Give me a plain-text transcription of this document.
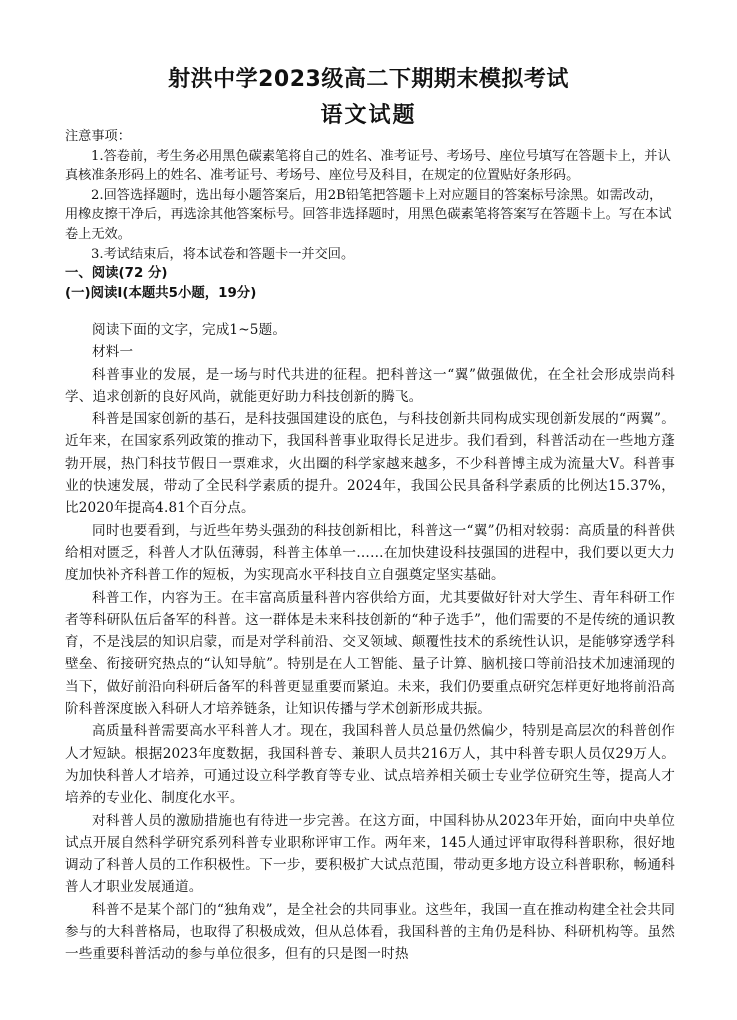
射洪中学2023级高二下期期末模拟考试
语文试题

注意事项：

1.答卷前，考生务必用黑色碳素笔将自己的姓名、准考证号、考场号、座位号填写在答题卡上，并认真核准条形码上的姓名、准考证号、考场号、座位号及科目，在规定的位置贴好条形码。

2.回答选择题时，选出每小题答案后，用2B铅笔把答题卡上对应题目的答案标号涂黑。如需改动，用橡皮擦干净后，再选涂其他答案标号。回答非选择题时，用黑色碳素笔将答案写在答题卡上。写在本试卷上无效。

3.考试结束后，将本试卷和答题卡一并交回。

一、阅读(72 分)

(一)阅读Ⅰ(本题共5小题，19分)

阅读下面的文字，完成1~5题。

材料一

科普事业的发展，是一场与时代共进的征程。把科普这一“翼”做强做优，在全社会形成崇尚科学、追求创新的良好风尚，就能更好助力科技创新的腾飞。

科普是国家创新的基石，是科技强国建设的底色，与科技创新共同构成实现创新发展的“两翼”。近年来，在国家系列政策的推动下，我国科普事业取得长足进步。我们看到，科普活动在一些地方蓬勃开展，热门科技节假日一票难求，火出圈的科学家越来越多，不少科普博主成为流量大V。科普事业的快速发展，带动了全民科学素质的提升。2024年，我国公民具备科学素质的比例达15.37%，比2020年提高4.81个百分点。

同时也要看到，与近些年势头强劲的科技创新相比，科普这一“翼”仍相对较弱：高质量的科普供给相对匮乏，科普人才队伍薄弱，科普主体单一……在加快建设科技强国的进程中，我们要以更大力度加快补齐科普工作的短板，为实现高水平科技自立自强奠定坚实基础。

科普工作，内容为王。在丰富高质量科普内容供给方面，尤其要做好针对大学生、青年科研工作者等科研队伍后备军的科普。这一群体是未来科技创新的“种子选手”，他们需要的不是传统的通识教育，不是浅层的知识启蒙，而是对学科前沿、交叉领域、颠覆性技术的系统性认识，是能够穿透学科壁垒、衔接研究热点的“认知导航”。特别是在人工智能、量子计算、脑机接口等前沿技术加速涌现的当下，做好前沿向科研后备军的科普更显重要而紧迫。未来，我们仍要重点研究怎样更好地将前沿高阶科普深度嵌入科研人才培养链条，让知识传播与学术创新形成共振。

高质量科普需要高水平科普人才。现在，我国科普人员总量仍然偏少，特别是高层次的科普创作人才短缺。根据2023年度数据，我国科普专、兼职人员共216万人，其中科普专职人员仅29万人。为加快科普人才培养，可通过设立科学教育等专业、试点培养相关硕士专业学位研究生等，提高人才培养的专业化、制度化水平。

对科普人员的激励措施也有待进一步完善。在这方面，中国科协从2023年开始，面向中央单位试点开展自然科学研究系列科普专业职称评审工作。两年来，145人通过评审取得科普职称，很好地调动了科普人员的工作积极性。下一步，要积极扩大试点范围，带动更多地方设立科普职称，畅通科普人才职业发展通道。

科普不是某个部门的“独角戏”，是全社会的共同事业。这些年，我国一直在推动构建全社会共同参与的大科普格局，也取得了积极成效，但从总体看，我国科普的主角仍是科协、科研机构等。虽然一些重要科普活动的参与单位很多，但有的只是图一时热
